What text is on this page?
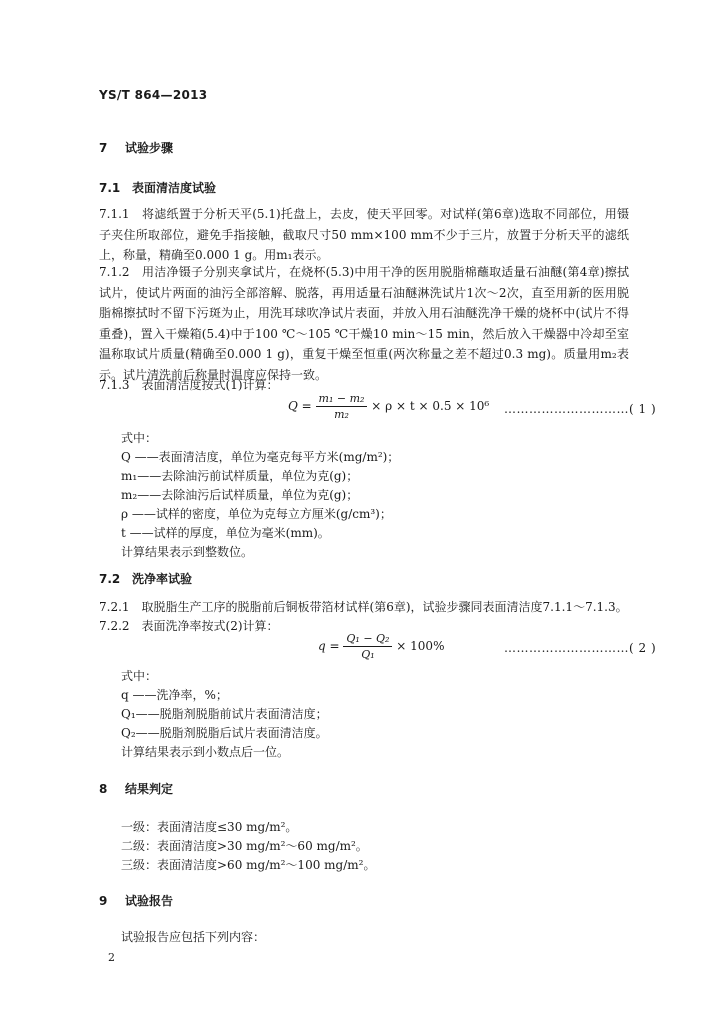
YS/T 864—2013
7 试验步骤
7.1 表面清洁度试验
7.1.1　将滤纸置于分析天平(5.1)托盘上，去皮，使天平回零。对试样(第6章)选取不同部位，用镊子夹住所取部位，避免手指接触，截取尺寸50 mm×100 mm不少于三片，放置于分析天平的滤纸上，称量，精确至0.000 1 g。用m₁表示。
7.1.2　用洁净镊子分别夹拿试片，在烧杯(5.3)中用干净的医用脱脂棉蘸取适量石油醚(第4章)擦拭试片，使试片两面的油污全部溶解、脱落，再用适量石油醚淋洗试片1次～2次，直至用新的医用脱脂棉擦拭时不留下污斑为止，用洗耳球吹净试片表面，并放入用石油醚洗净干燥的烧杯中(试片不得重叠)，置入干燥箱(5.4)中于100 ℃～105 ℃干燥10 min～15 min，然后放入干燥器中冷却至室温称取试片质量(精确至0.000 1 g)，重复干燥至恒重(两次称量之差不超过0.3 mg)。质量用m₂表示。试片清洗前后称量时温度应保持一致。
7.1.3　表面清洁度按式(1)计算：
$Q = \frac{\text{m₁ − m₂}}{\text{m₂}} \times \rho \times t \times 0.5 \times 10^6$ …………………………( 1 )
式中：
Q ——表面清洁度，单位为毫克每平方米(mg/m²)；
m₁——去除油污前试样质量，单位为克(g)；
m₂——去除油污后试样质量，单位为克(g)；
ρ ——试样的密度，单位为克每立方厘米(g/cm³)；
t ——试样的厚度，单位为毫米(mm)。
计算结果表示到整数位。
7.2 洗净率试验
7.2.1　取脱脂生产工序的脱脂前后铜板带箔材试样(第6章)，试验步骤同表面清洁度7.1.1～7.1.3。
7.2.2　表面洗净率按式(2)计算：
$q = \frac{\text{Q₁ − Q₂}}{\text{Q₁}} \times 100\%$	…………………………( 2 )
式中：
q ——洗净率，%；
Q₁——脱脂剂脱脂前试片表面清洁度；
Q₂——脱脂剂脱脂后试片表面清洁度。
计算结果表示到小数点后一位。
8 结果判定
一级：表面清洁度≤30 mg/m²。
二级：表面清洁度>30 mg/m²～60 mg/m²。
三级：表面清洁度>60 mg/m²～100 mg/m²。
9 试验报告
试验报告应包括下列内容：
2
